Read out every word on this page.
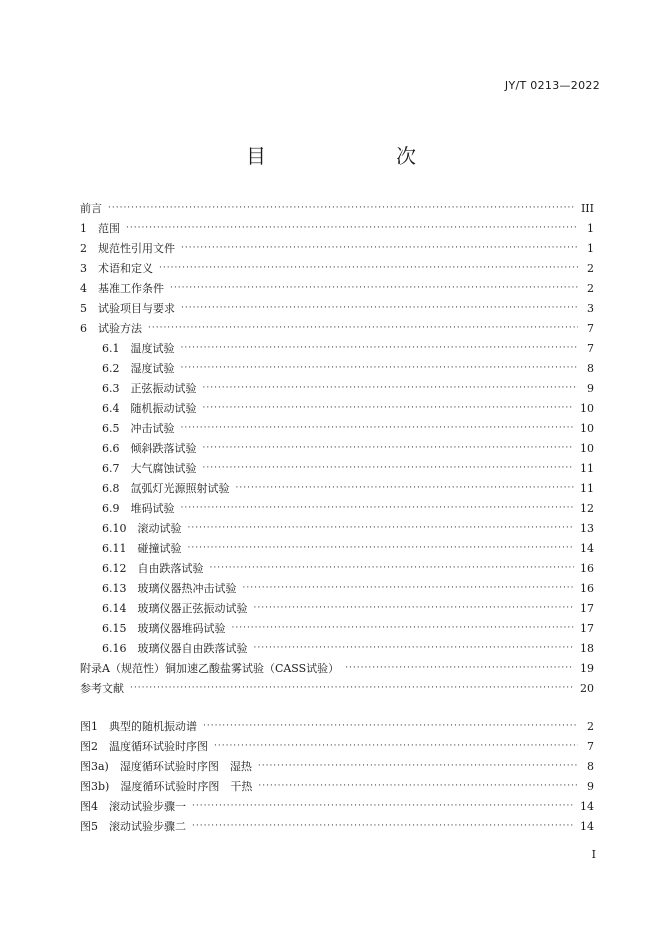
JY/T 0213—2022
目　　次
前言 ·····	III
1　范围 ·····	1
2　规范性引用文件 ·····	1
3　术语和定义 ·····	2
4　基准工作条件 ·····	2
5　试验项目与要求 ·····	3
6　试验方法 ·····	7
6.1　温度试验 ·····	7
6.2　湿度试验 ·····	8
6.3　正弦振动试验 ·····	9
6.4　随机振动试验 ·····	10
6.5　冲击试验 ·····	10
6.6　倾斜跌落试验 ·····	10
6.7　大气腐蚀试验 ·····	11
6.8　氙弧灯光源照射试验 ·····	11
6.9　堆码试验 ·····	12
6.10　滚动试验 ·····	13
6.11　碰撞试验 ·····	14
6.12　自由跌落试验 ·····	16
6.13　玻璃仪器热冲击试验 ·····	16
6.14　玻璃仪器正弦振动试验 ·····	17
6.15　玻璃仪器堆码试验 ·····	17
6.16　玻璃仪器自由跌落试验 ·····	18
附录A（规范性）铜加速乙酸盐雾试验（CASS试验） ·····	19
参考文献 ·····	20
图1　典型的随机振动谱 ·····	2
图2　温度循环试验时序图 ·····	7
图3a)　湿度循环试验时序图　湿热 ·····	8
图3b)　湿度循环试验时序图　干热 ·····	9
图4　滚动试验步骤一 ·····	14
图5　滚动试验步骤二 ·····	14
I
